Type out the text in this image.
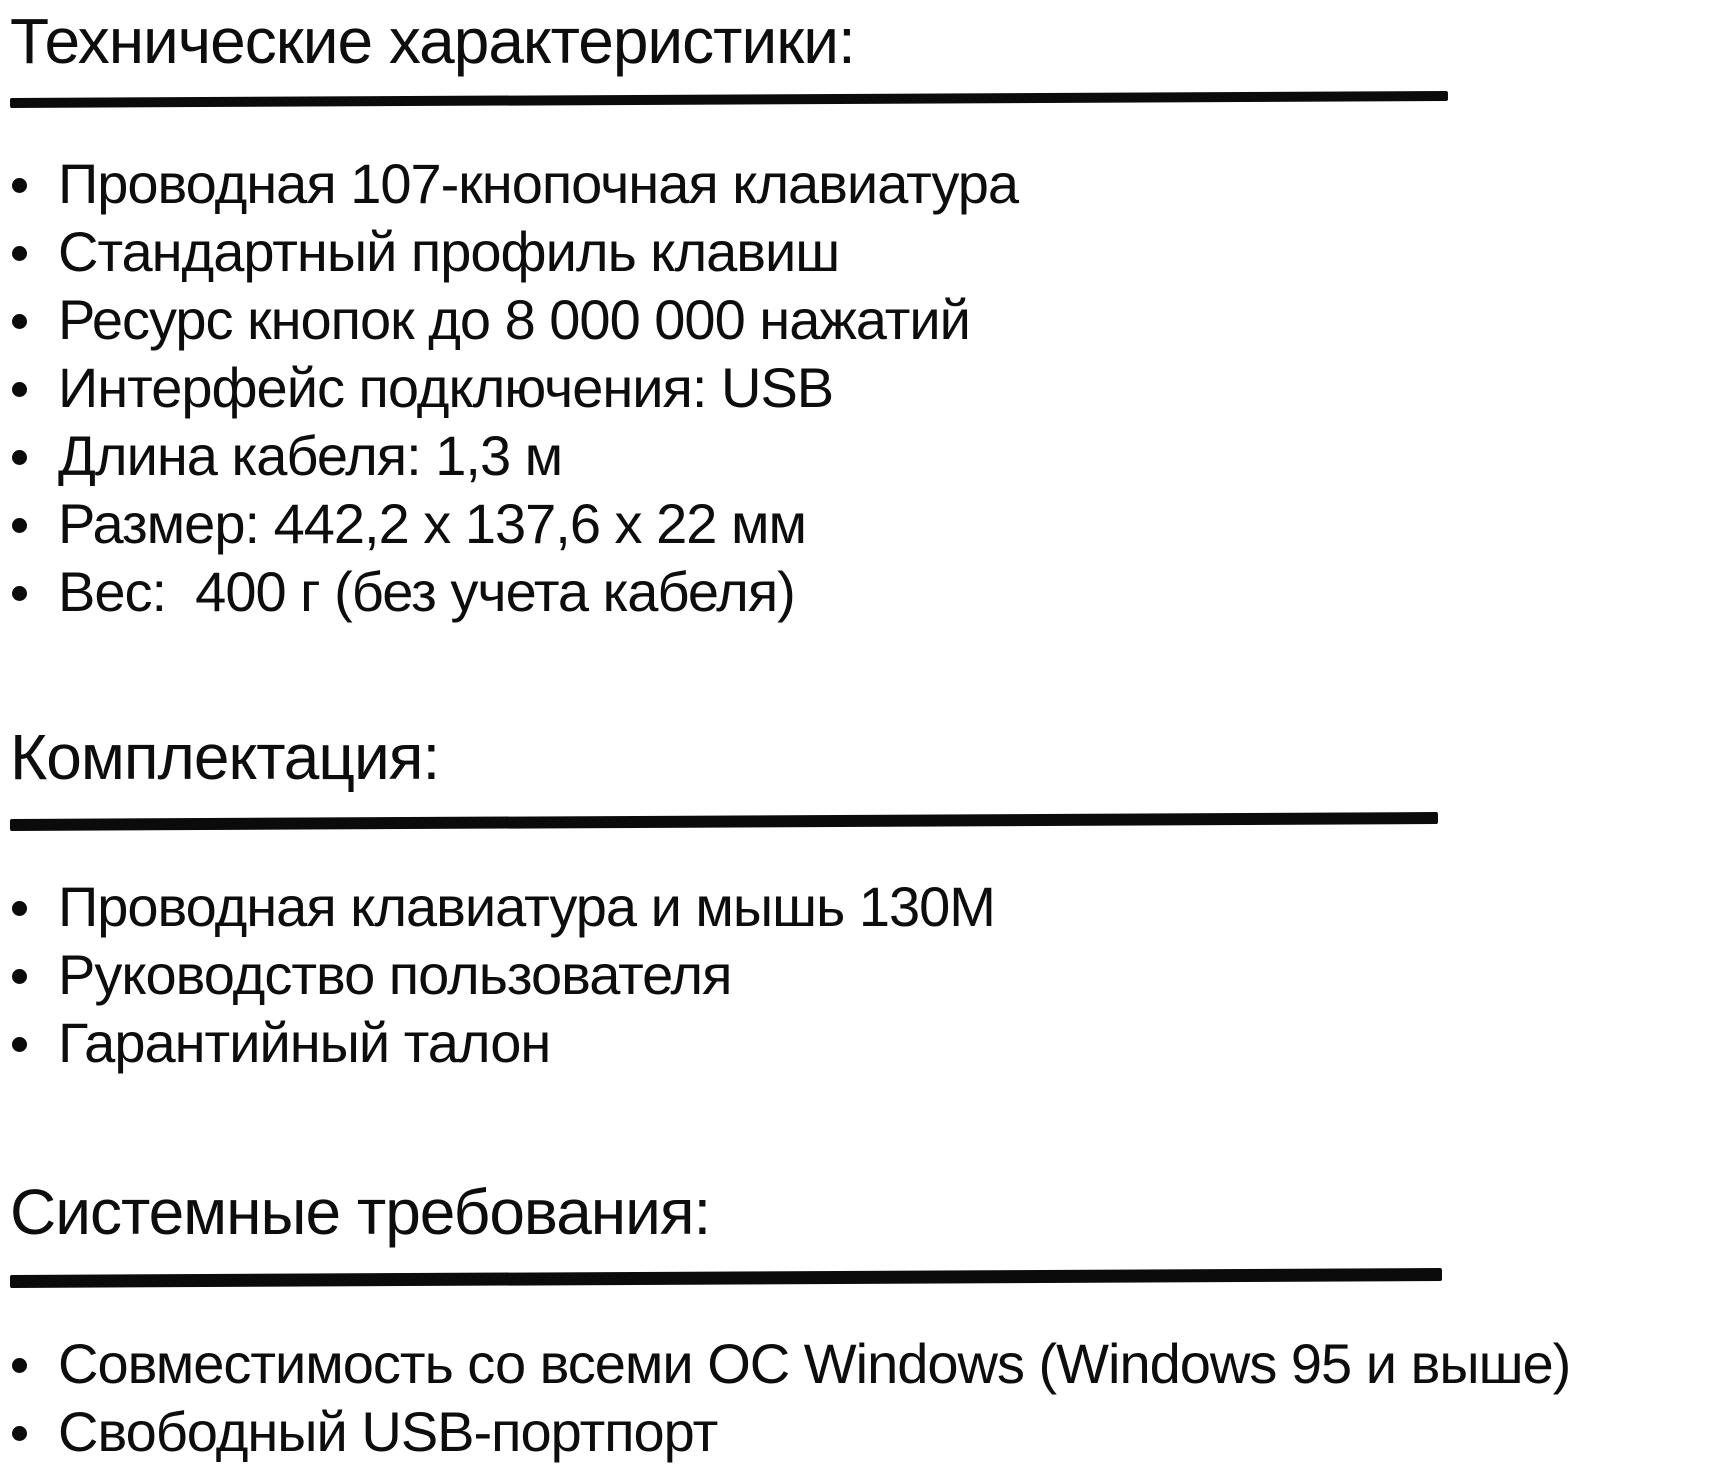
Технические характеристики:
Проводная 107-кнопочная клавиатура
Стандартный профиль клавиш
Ресурс кнопок до 8 000 000 нажатий
Интерфейс подключения: USB
Длина кабеля: 1,3 м
Размер: 442,2 х 137,6 х 22 мм
Вес:  400 г (без учета кабеля)
Комплектация:
Проводная клавиатура и мышь 130M
Руководство пользователя
Гарантийный талон
Системные требования:
Совместимость со всеми ОС Windows (Windows 95 и выше)
Свободный USB-портпорт
